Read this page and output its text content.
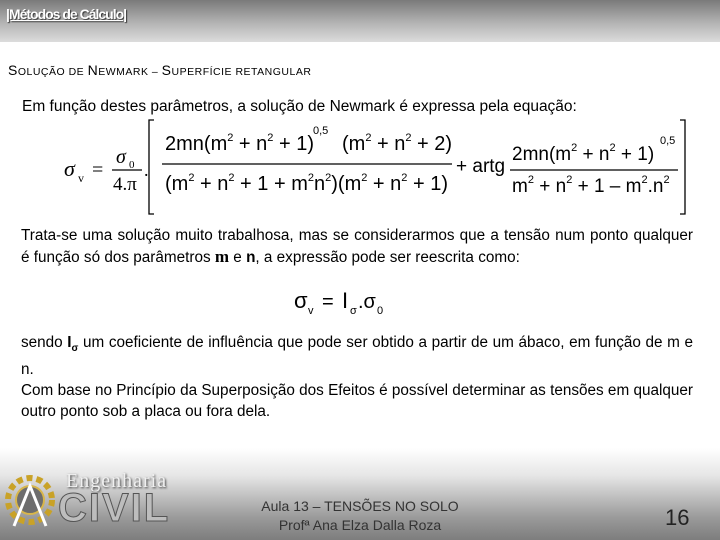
|Métodos de Cálculo|
SOLUÇÃO DE NEWMARK – SUPERFÍCIE RETANGULAR
Em função destes parâmetros, a solução de Newmark é expressa pela equação:
σ v =
σ 0
4.π
.
$2mn(m^2 + n^2 + 1)$
0,5
$(m^2 + n^2 + 2)$
$(m^2 + n^2 + 1 + m^2n^2)(m^2 + n^2 + 1)$
+ artg
$2mn(m^2 + n^2 + 1)$
0,5
$m^2 + n^2 + 1 - m^2.n^2$
Trata-se uma solução muito trabalhosa, mas se considerarmos que a tensão num ponto qualquer é função só dos parâmetros m e n, a expressão pode ser reescrita como:
σ v = I σ .σ 0
sendo $I_\sigma$ um coeficiente de influência que pode ser obtido a partir de um ábaco, em função de m e n.
Com base no Princípio da Superposição dos Efeitos é possível determinar as tensões em qualquer outro ponto sob a placa ou fora dela.
Engenharia
CIVIL	Aula 13 – TENSÕES NO SOLO
Profª Ana Elza Dalla Roza	16
